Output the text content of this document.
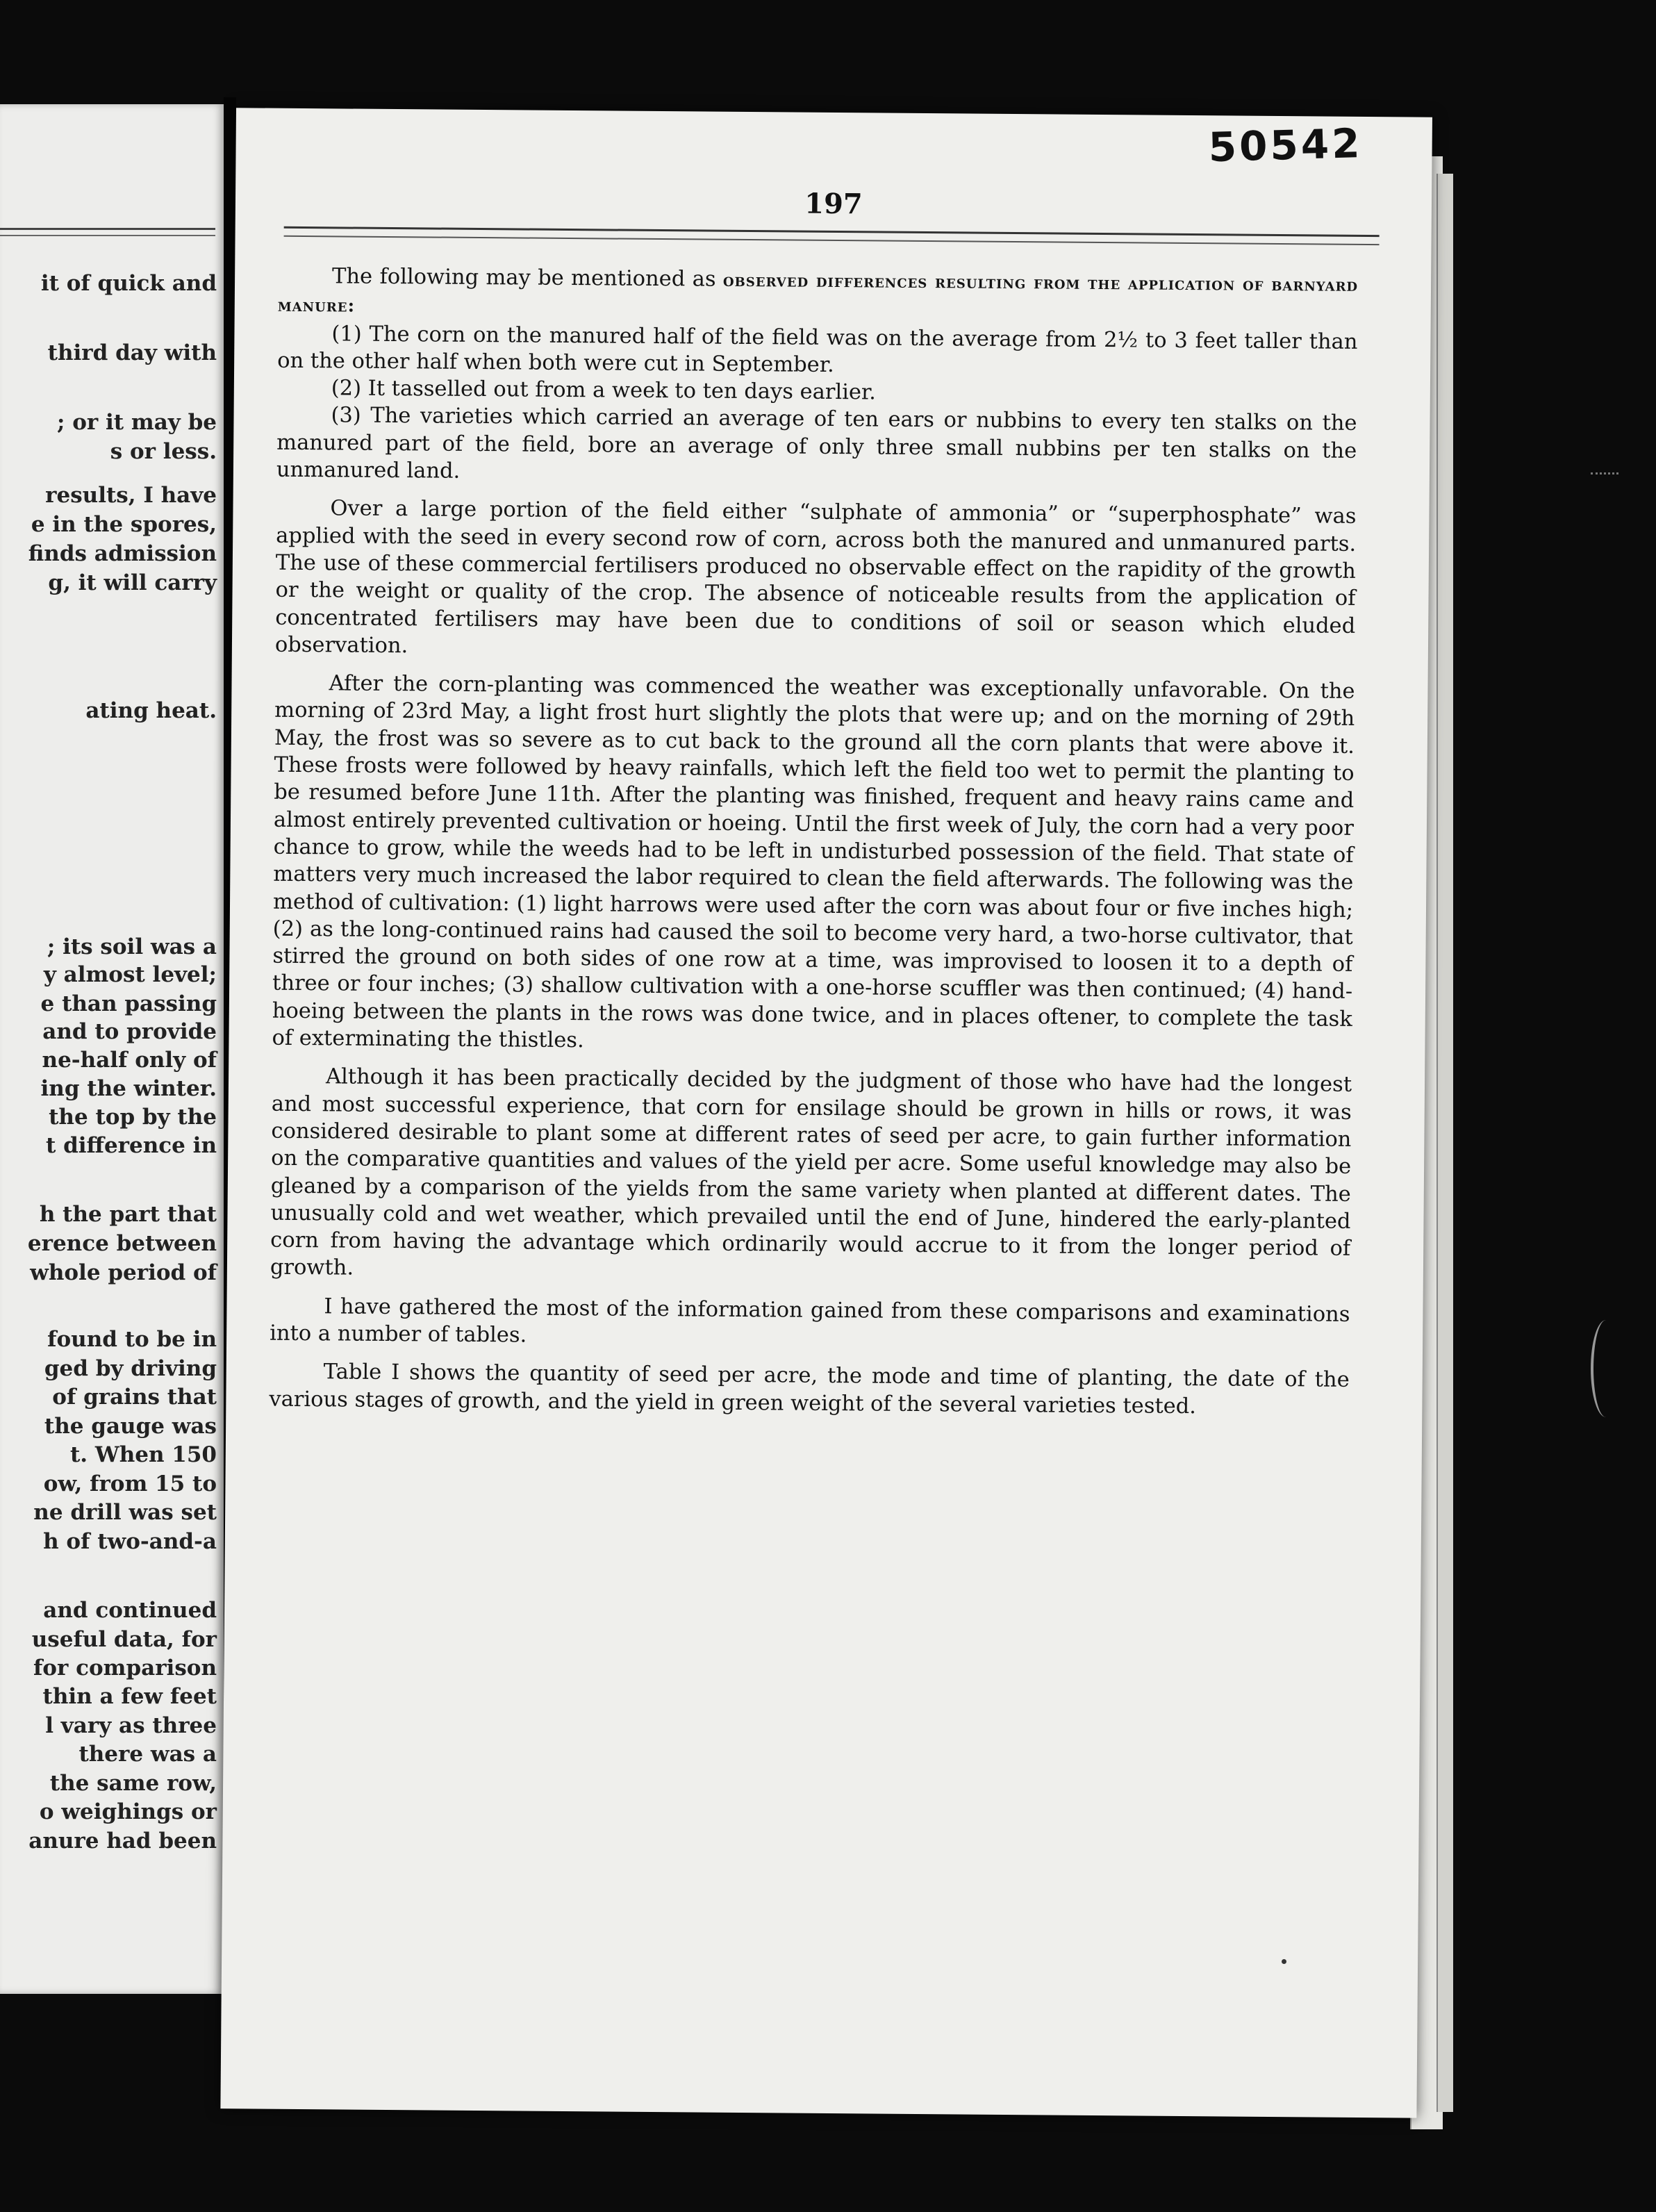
it of quick and
third day with
; or it may be
s or less.
results, I have
e in the spores,
finds admission
g, it will carry
ating heat.
; its soil was a
y almost level;
e than passing
and to provide
ne-half only of
ing the winter.
the top by the
t difference in
h the part that
erence between
whole period of
found to be in
ged by driving
of grains that
the gauge was
t. When 150
ow, from 15 to
ne drill was set
h of two-and-a
and continued
useful data, for
for comparison
thin a few feet
l vary as three
there was a
the same row,
o weighings or
anure had been
50542
197

The following may be mentioned as observed differences resulting from the application of barnyard manure:

(1) The corn on the manured half of the field was on the average from 2½ to 3 feet taller than on the other half when both were cut in September.

(2) It tasselled out from a week to ten days earlier.

(3) The varieties which carried an average of ten ears or nubbins to every ten stalks on the manured part of the field, bore an average of only three small nubbins per ten stalks on the unmanured land.

Over a large portion of the field either “sulphate of ammonia” or “superphosphate” was applied with the seed in every second row of corn, across both the manured and unmanured parts. The use of these commercial fertilisers produced no observable effect on the rapidity of the growth or the weight or quality of the crop. The absence of noticeable results from the application of concentrated fertilisers may have been due to conditions of soil or season which eluded observation.

After the corn-planting was commenced the weather was exceptionally unfavorable. On the morning of 23rd May, a light frost hurt slightly the plots that were up; and on the morning of 29th May, the frost was so severe as to cut back to the ground all the corn plants that were above it. These frosts were followed by heavy rainfalls, which left the field too wet to permit the planting to be resumed before June 11th. After the planting was finished, frequent and heavy rains came and almost entirely prevented cultivation or hoeing. Until the first week of July, the corn had a very poor chance to grow, while the weeds had to be left in undisturbed possession of the field. That state of matters very much increased the labor required to clean the field afterwards. The following was the method of cultivation: (1) light harrows were used after the corn was about four or five inches high; (2) as the long-continued rains had caused the soil to become very hard, a two-horse cultivator, that stirred the ground on both sides of one row at a time, was improvised to loosen it to a depth of three or four inches; (3) shallow cultivation with a one-horse scuffler was then continued; (4) hand-hoeing between the plants in the rows was done twice, and in places oftener, to complete the task of exterminating the thistles.

Although it has been practically decided by the judgment of those who have had the longest and most successful experience, that corn for ensilage should be grown in hills or rows, it was considered desirable to plant some at different rates of seed per acre, to gain further information on the comparative quantities and values of the yield per acre. Some useful knowledge may also be gleaned by a comparison of the yields from the same variety when planted at different dates. The unusually cold and wet weather, which prevailed until the end of June, hindered the early-planted corn from having the advantage which ordinarily would accrue to it from the longer period of growth.

I have gathered the most of the information gained from these comparisons and examinations into a number of tables.

Table I shows the quantity of seed per acre, the mode and time of planting, the date of the various stages of growth, and the yield in green weight of the several varieties tested.
